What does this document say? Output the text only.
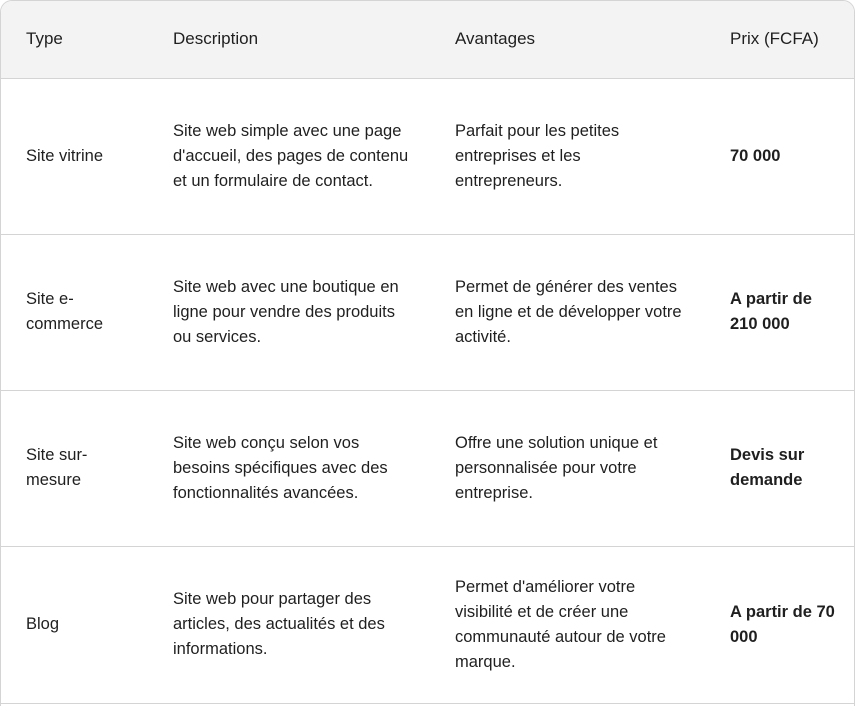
Type	Description	Avantages	Prix (FCFA)
Site vitrine	Site web simple avec une page d'accueil, des pages de contenu et un formulaire de contact.	Parfait pour les petites entreprises et les entrepreneurs.	70 000
Site e-commerce	Site web avec une boutique en ligne pour vendre des produits ou services.	Permet de générer des ventes en ligne et de développer votre activité.	A partir de 210 000
Site sur-mesure	Site web conçu selon vos besoins spécifiques avec des fonctionnalités avancées.	Offre une solution unique et personnalisée pour votre entreprise.	Devis sur demande
Blog	Site web pour partager des articles, des actualités et des informations.	Permet d'améliorer votre visibilité et de créer une communauté autour de votre marque.	A partir de 70 000
